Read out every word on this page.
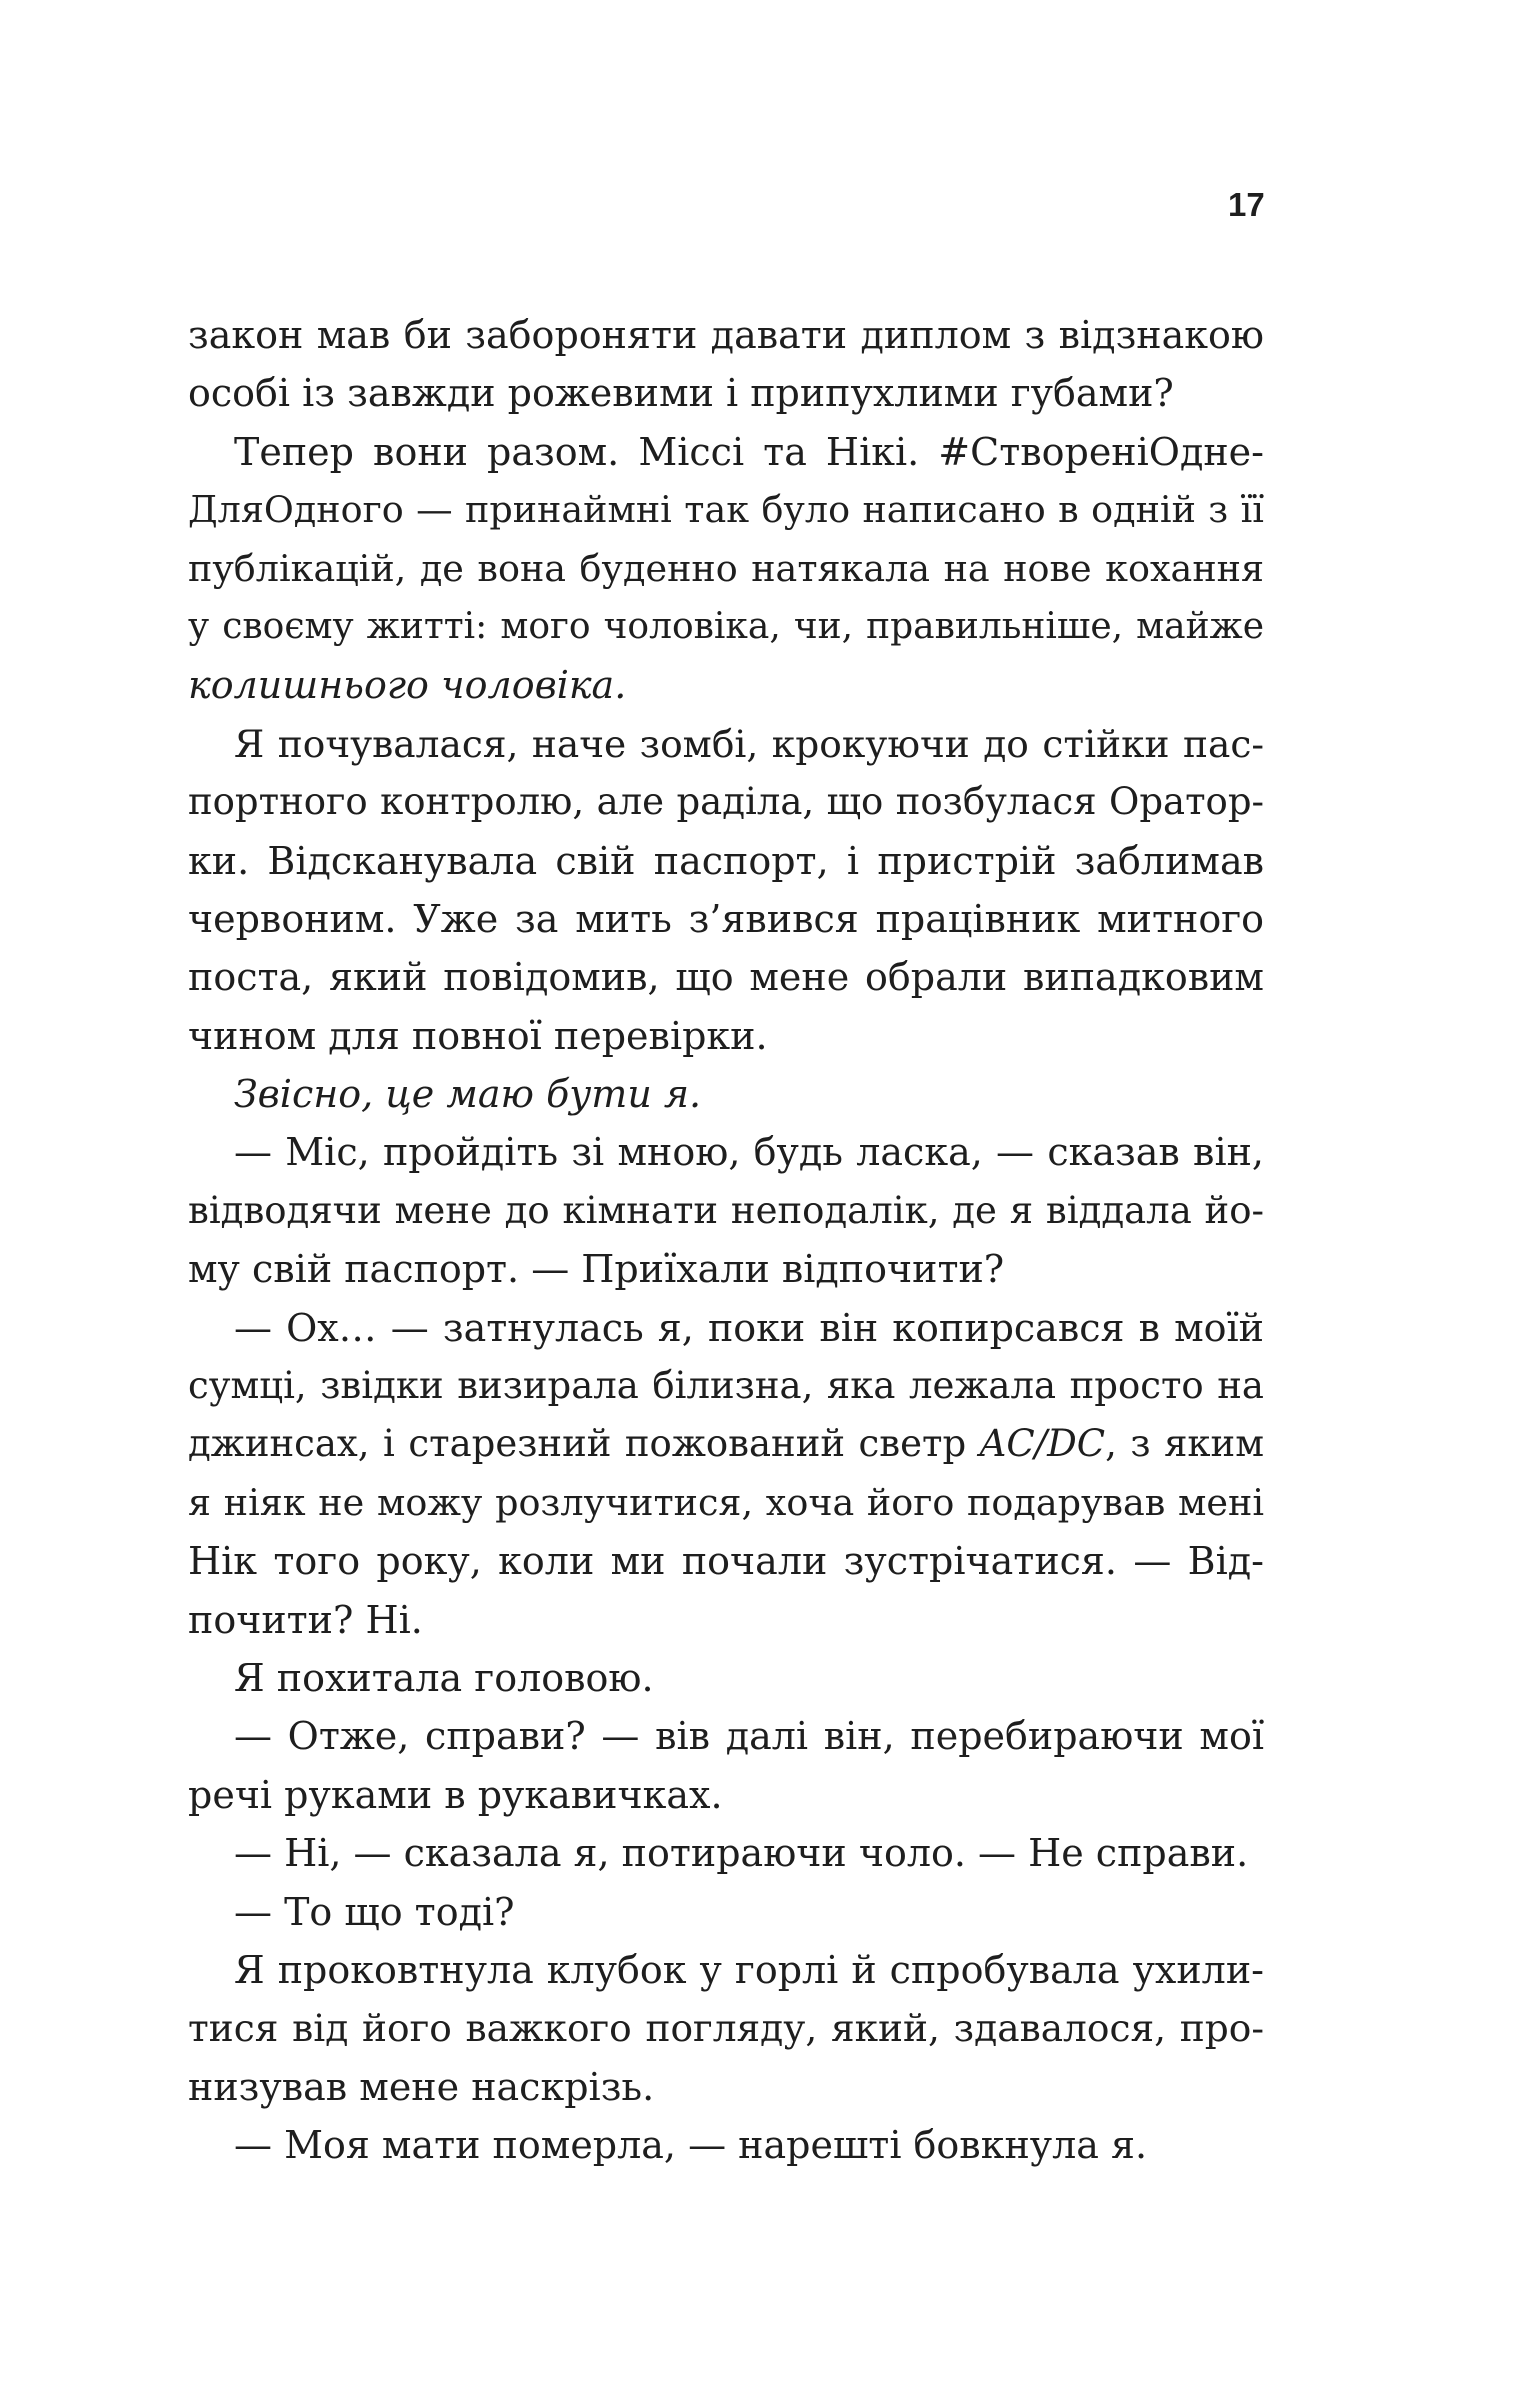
17
закон мав би забороняти давати диплом з відзнакою
особі із завжди рожевими і припухлими губами?
Тепер вони разом. Міссі та Нікі. #СтворенiОдне-
ДляОдного — принаймні так було написано в одній з її
публікацій, де вона буденно натякала на нове кохання
у своєму житті: мого чоловіка, чи, правильніше, майже
колишнього чоловіка.
Я почувалася, наче зомбі, крокуючи до стійки пас-
портного контролю, але раділа, що позбулася Оратор-
ки. Відсканувала свій паспорт, і пристрій заблимав
червоним. Уже за мить з’явився працівник митного
поста, який повідомив, що мене обрали випадковим
чином для повної перевірки.
Звісно, це маю бути я.
— Міс, пройдіть зі мною, будь ласка, — сказав він,
відводячи мене до кімнати неподалік, де я віддала йо-
му свій паспорт. — Приїхали відпочити?
— Ох… — затнулась я, поки він копирсався в моїй
сумці, звідки визирала білизна, яка лежала просто на
джинсах, і старезний пожований светр AC/DC, з яким
я ніяк не можу розлучитися, хоча його подарував мені
Нік того року, коли ми почали зустрічатися. — Від-
почити? Ні.
Я похитала головою.
— Отже, справи? — вів далі він, перебираючи мої
речі руками в рукавичках.
— Ні, — сказала я, потираючи чоло. — Не справи.
— То що тоді?
Я проковтнула клубок у горлі й спробувала ухили-
тися від його важкого погляду, який, здавалося, про-
низував мене наскрізь.
— Моя мати померла, — нарешті бовкнула я.
